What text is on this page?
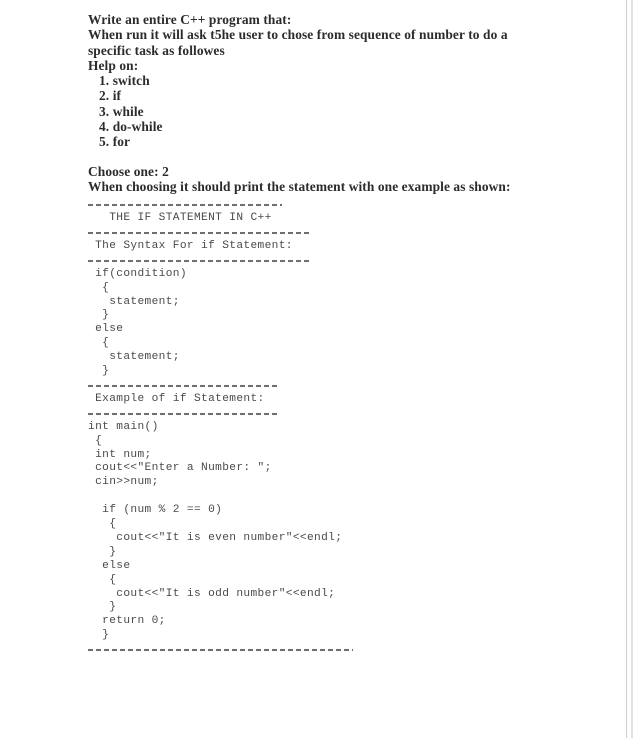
Write an entire C++ program that:

When run it will ask t5he user to chose from sequence of number to do a

specific task as followes

Help on:

1. switch
2. if
3. while
4. do-while
5. for

Choose one: 2

When choosing it should print the statement with one example as shown:

THE IF STATEMENT IN C++

The Syntax For if Statement:

if(condition)

{

statement;

}

else

{

statement;

}

Example of if Statement:

int main()

{

int num;

cout<<"Enter a Number: ";

cin>>num;

if (num % 2 == 0)

{

cout<<"It is even number"<<endl;

}

else

{

cout<<"It is odd number"<<endl;

}

return 0;

}
